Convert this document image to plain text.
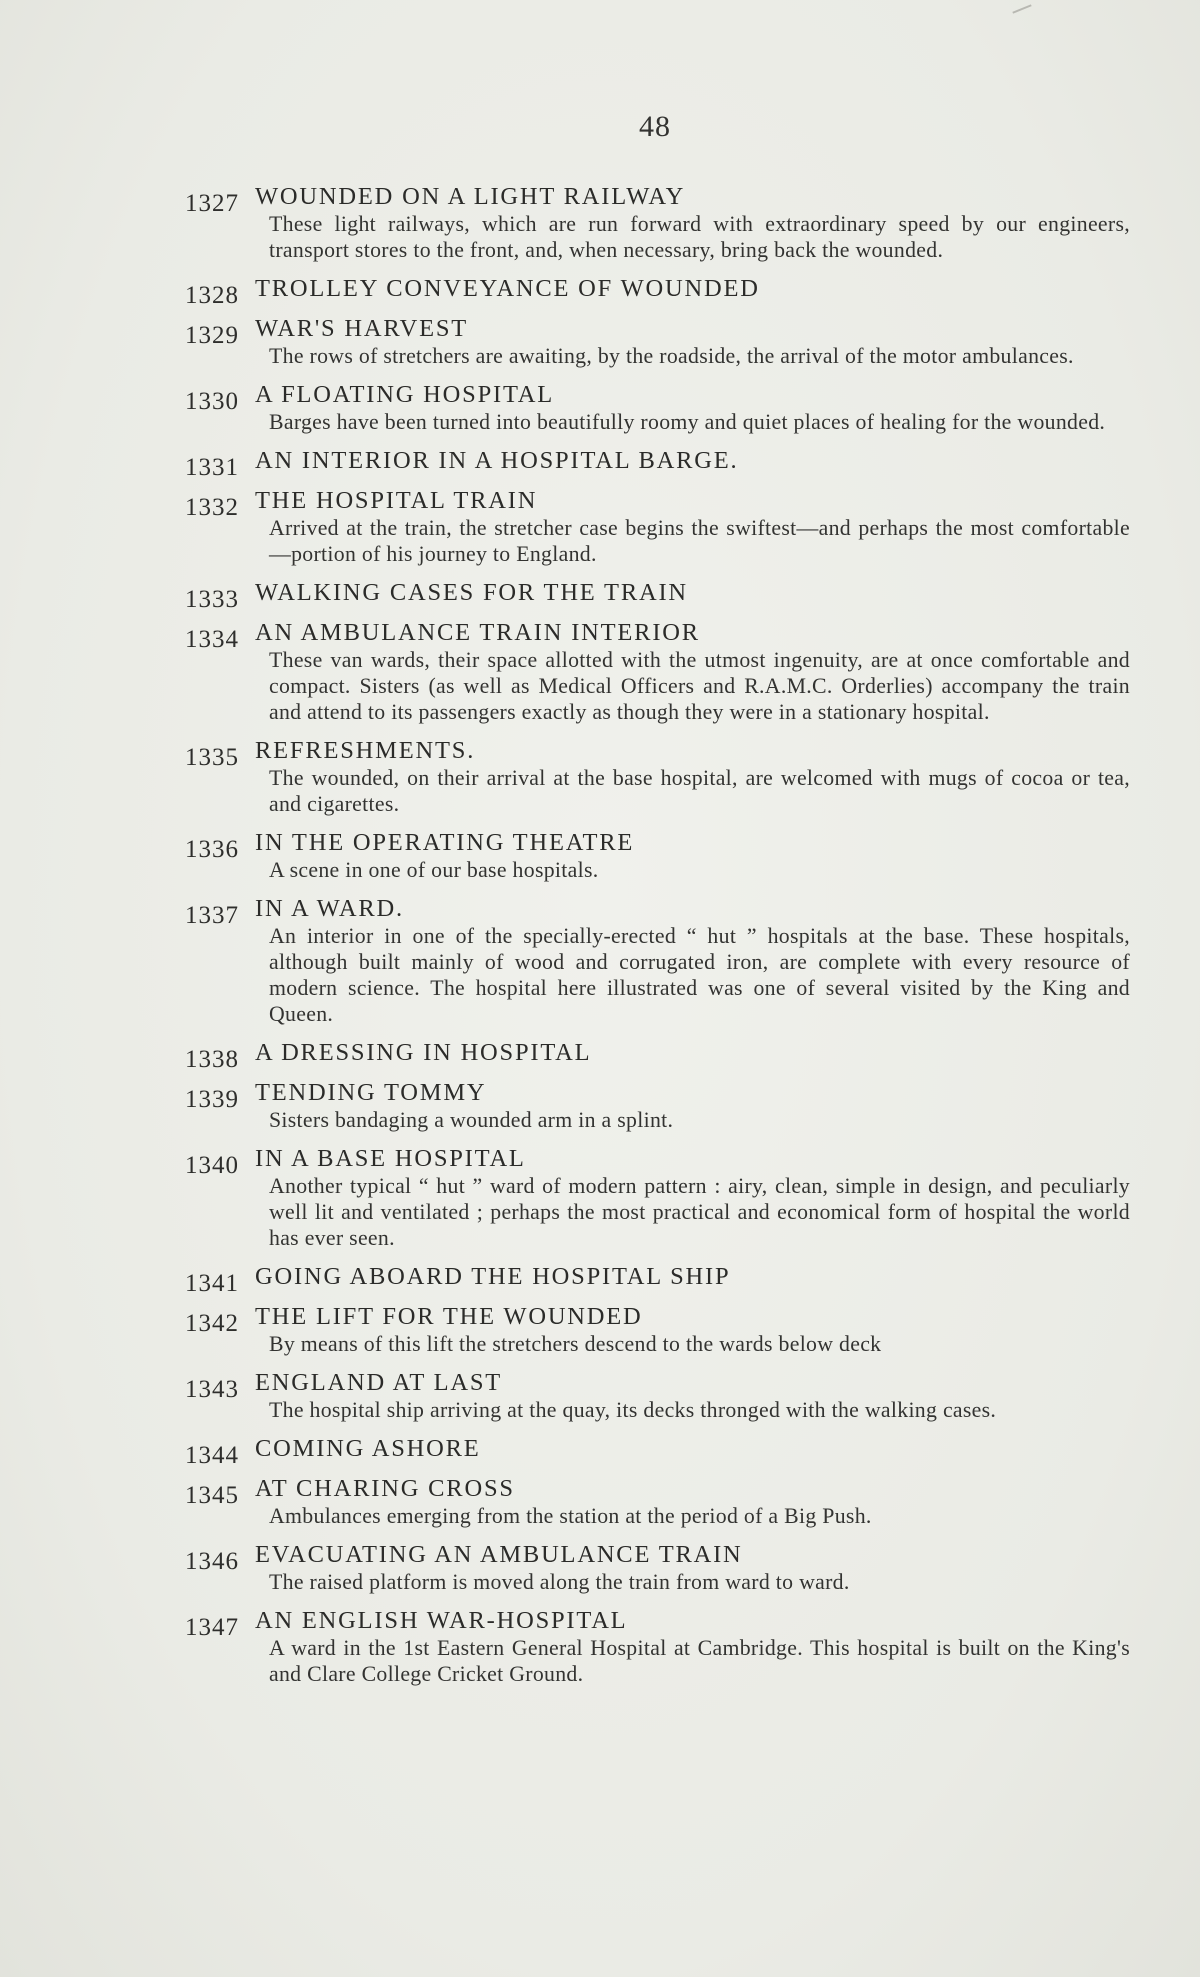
48
1327 WOUNDED ON A LIGHT RAILWAY
These light railways, which are run forward with extraordinary speed by our engineers, transport stores to the front, and, when necessary, bring back the wounded.
1328 TROLLEY CONVEYANCE OF WOUNDED
1329 WAR'S HARVEST
The rows of stretchers are awaiting, by the roadside, the arrival of the motor ambulances.
1330 A FLOATING HOSPITAL
Barges have been turned into beautifully roomy and quiet places of healing for the wounded.
1331 AN INTERIOR IN A HOSPITAL BARGE.
1332 THE HOSPITAL TRAIN
Arrived at the train, the stretcher case begins the swiftest—and perhaps the most comfortable—portion of his journey to England.
1333 WALKING CASES FOR THE TRAIN
1334 AN AMBULANCE TRAIN INTERIOR
These van wards, their space allotted with the utmost ingenuity, are at once comfortable and compact. Sisters (as well as Medical Officers and R.A.M.C. Orderlies) accompany the train and attend to its passengers exactly as though they were in a stationary hospital.
1335 REFRESHMENTS.
The wounded, on their arrival at the base hospital, are welcomed with mugs of cocoa or tea, and cigarettes.
1336 IN THE OPERATING THEATRE
A scene in one of our base hospitals.
1337 IN A WARD.
An interior in one of the specially-erected “ hut ” hospitals at the base. These hospitals, although built mainly of wood and corrugated iron, are complete with every resource of modern science. The hospital here illustrated was one of several visited by the King and Queen.
1338 A DRESSING IN HOSPITAL
1339 TENDING TOMMY
Sisters bandaging a wounded arm in a splint.
1340 IN A BASE HOSPITAL
Another typical “ hut ” ward of modern pattern : airy, clean, simple in design, and peculiarly well lit and ventilated ; perhaps the most practical and economical form of hospital the world has ever seen.
1341 GOING ABOARD THE HOSPITAL SHIP
1342 THE LIFT FOR THE WOUNDED
By means of this lift the stretchers descend to the wards below deck
1343 ENGLAND AT LAST
The hospital ship arriving at the quay, its decks thronged with the walking cases.
1344 COMING ASHORE
1345 AT CHARING CROSS
Ambulances emerging from the station at the period of a Big Push.
1346 EVACUATING AN AMBULANCE TRAIN
The raised platform is moved along the train from ward to ward.
1347 AN ENGLISH WAR-HOSPITAL
A ward in the 1st Eastern General Hospital at Cambridge. This hospital is built on the King's and Clare College Cricket Ground.
